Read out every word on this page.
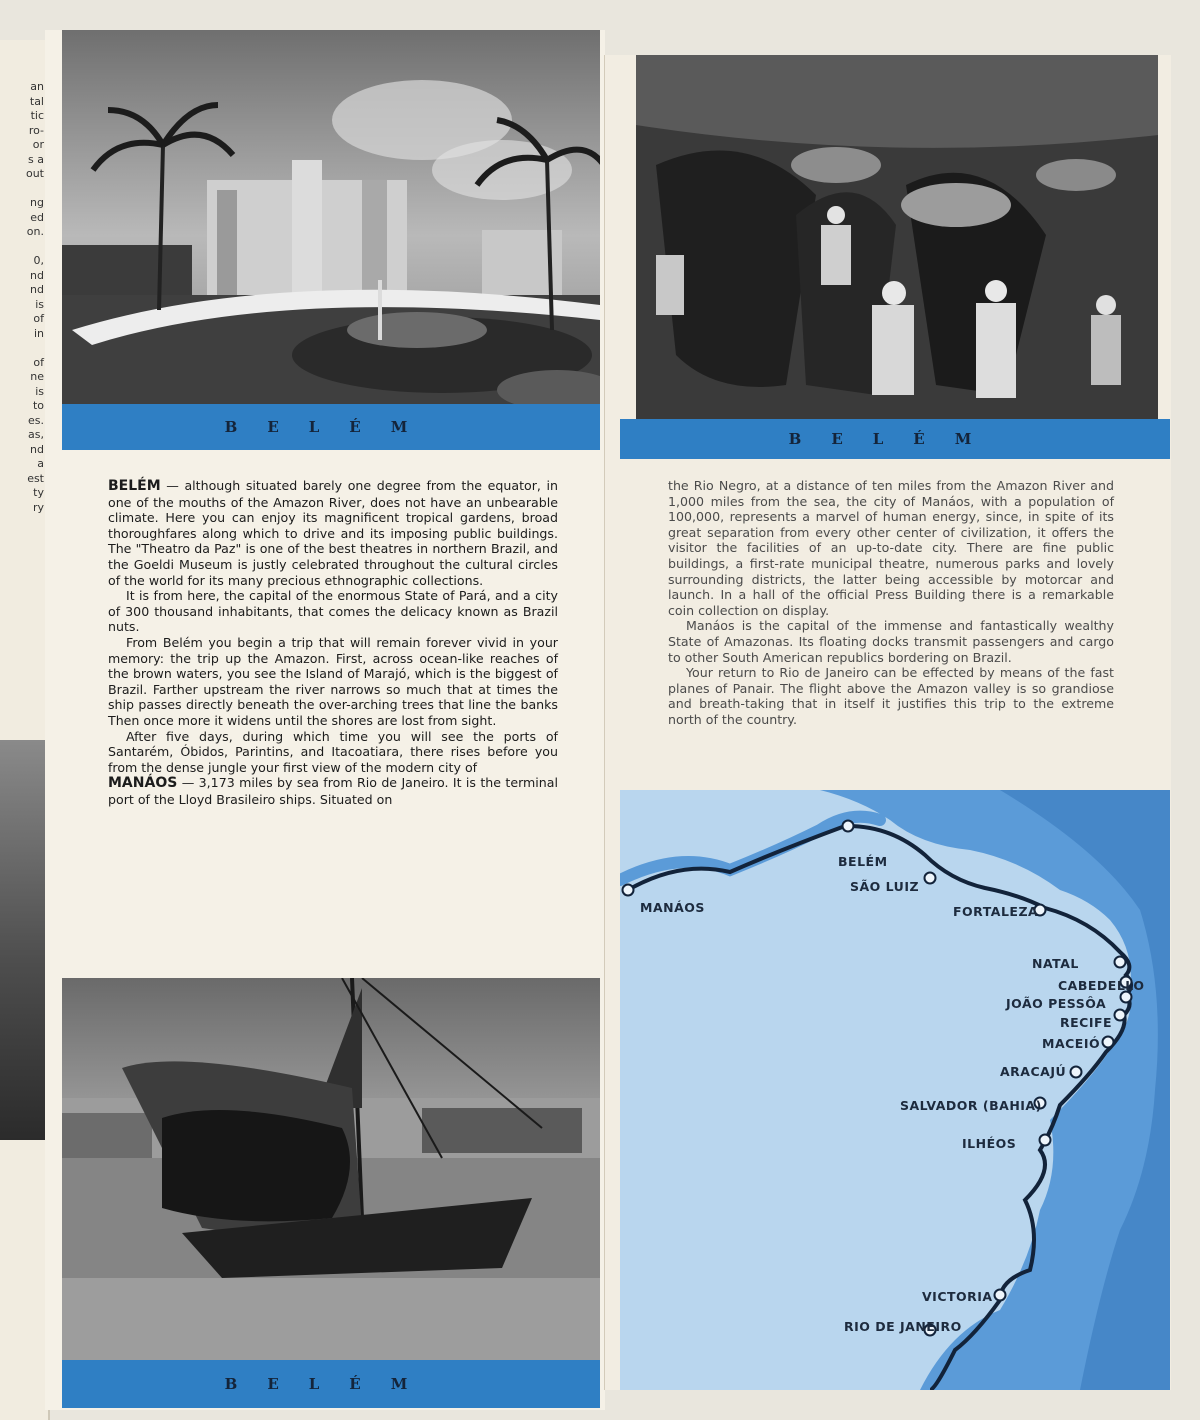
an
tal
tic
ro-
or
s a
out

ng
ed
on.

0,
nd
nd
is
of
in

of
ne
is
to
es.
as,
nd
a
est
ty
ry
BELÉM

BELÉM — although situated barely one degree from the equator, in one of the mouths of the Amazon River, does not have an unbearable climate. Here you can enjoy its magnificent tropical gardens, broad thoroughfares along which to drive and its imposing public buildings. The "Theatro da Paz" is one of the best theatres in northern Brazil, and the Goeldi Museum is justly celebrated throughout the cultural circles of the world for its many precious ethnographic collections.

It is from here, the capital of the enormous State of Pará, and a city of 300 thousand inhabitants, that comes the delicacy known as Brazil nuts.

From Belém you begin a trip that will remain forever vivid in your memory: the trip up the Amazon. First, across ocean-like reaches of the brown waters, you see the Island of Marajó, which is the biggest of Brazil. Farther upstream the river narrows so much that at times the ship passes directly beneath the over-arching trees that line the banks Then once more it widens until the shores are lost from sight.

After five days, during which time you will see the ports of Santarém, Óbidos, Parintins, and Itacoatiara, there rises before you from the dense jungle your first view of the modern city of

MANÁOS — 3,173 miles by sea from Rio de Janeiro. It is the terminal port of the Lloyd Brasileiro ships. Situated on

BELÉM
BELÉM

the Rio Negro, at a distance of ten miles from the Amazon River and 1,000 miles from the sea, the city of Manáos, with a population of 100,000, represents a marvel of human energy, since, in spite of its great separation from every other center of civilization, it offers the visitor the facilities of an up-to-date city. There are fine public buildings, a first-rate municipal theatre, numerous parks and lovely surrounding districts, the latter being accessible by motorcar and launch. In a hall of the official Press Building there is a remarkable coin collection on display.

Manáos is the capital of the immense and fantastically wealthy State of Amazonas. Its floating docks transmit passengers and cargo to other South American republics bordering on Brazil.

Your return to Rio de Janeiro can be effected by means of the fast planes of Panair. The flight above the Amazon valley is so grandiose and breath-taking that in itself it justifies this trip to the extreme north of the country.

MANÁOS
BELÉM
SÃO LUIZ
FORTALEZA
NATAL
CABEDELLO
JOÃO PESSÔA
RECIFE
MACEIÓ
ARACAJÚ
SALVADOR (BAHIA)
ILHÉOS
VICTORIA
RIO DE JANEIRO
